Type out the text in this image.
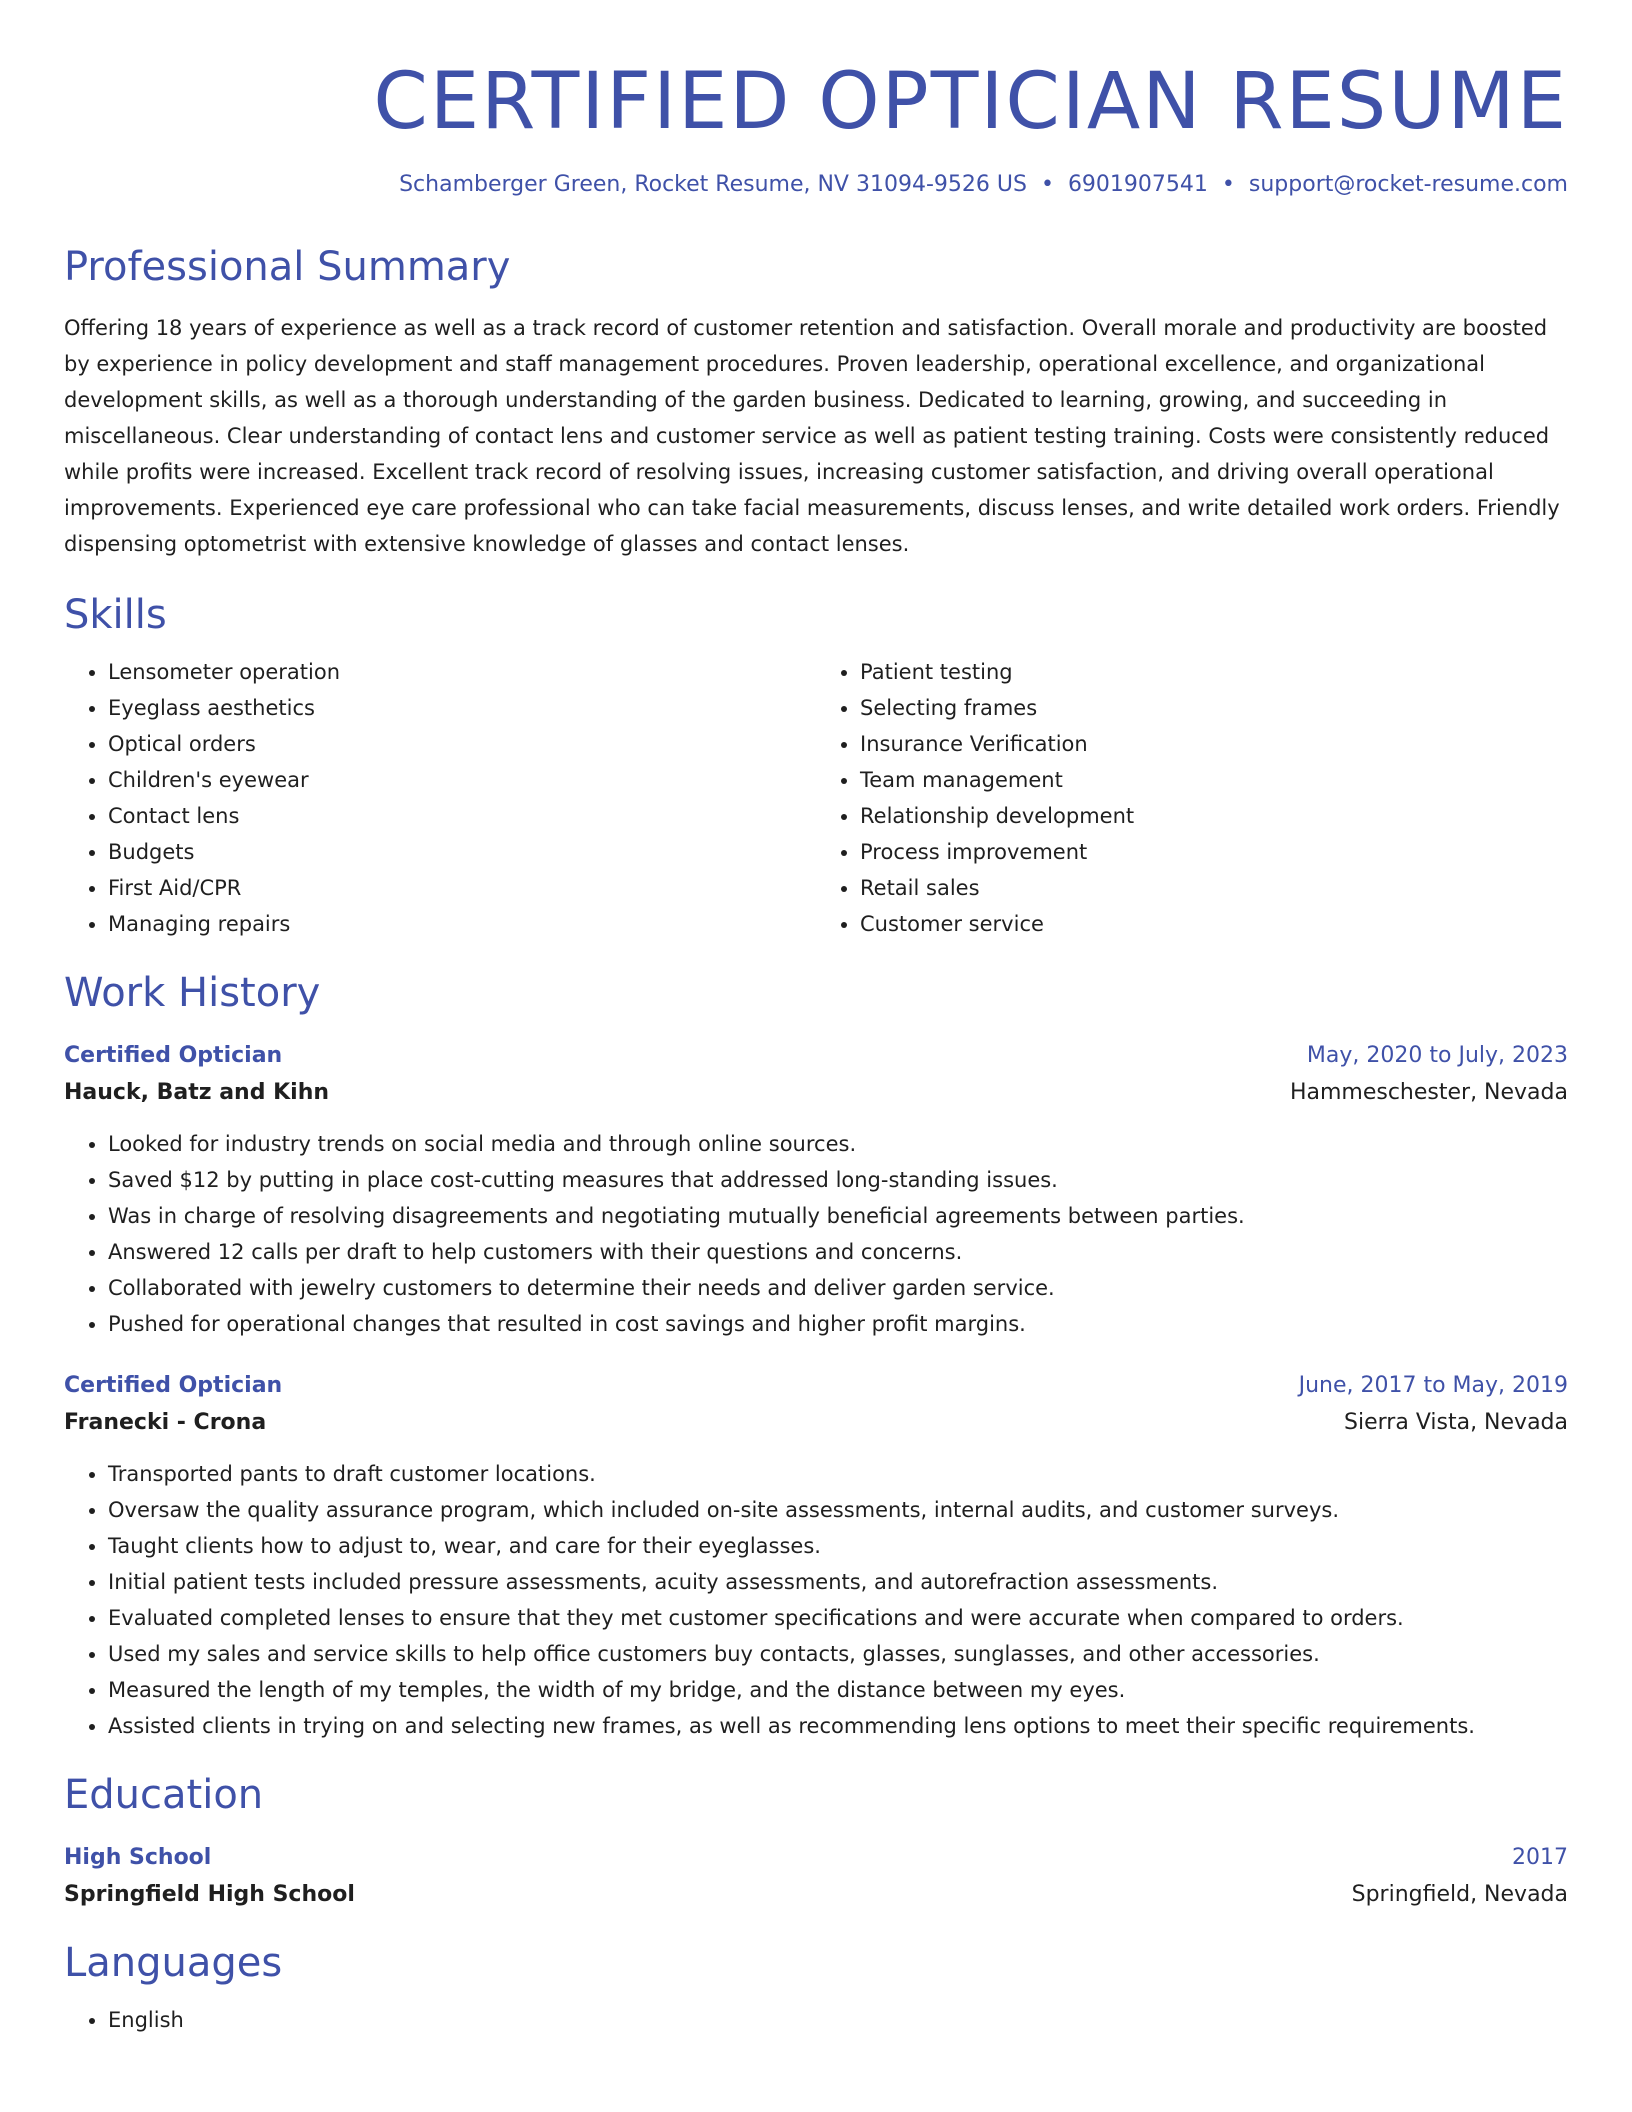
CERTIFIED OPTICIAN RESUME
Schamberger Green, Rocket Resume, NV 31094-9526 US • 6901907541 • support@rocket-resume.com
Professional Summary

Offering 18 years of experience as well as a track record of customer retention and satisfaction. Overall morale and productivity are boosted by experience in policy development and staff management procedures. Proven leadership, operational excellence, and organizational development skills, as well as a thorough understanding of the garden business. Dedicated to learning, growing, and succeeding in miscellaneous. Clear understanding of contact lens and customer service as well as patient testing training. Costs were consistently reduced while profits were increased. Excellent track record of resolving issues, increasing customer satisfaction, and driving overall operational improvements. Experienced eye care professional who can take facial measurements, discuss lenses, and write detailed work orders. Friendly dispensing optometrist with extensive knowledge of glasses and contact lenses.

Skills
• Lensometer operation
• Eyeglass aesthetics
• Optical orders
• Children's eyewear
• Contact lens
• Budgets
• First Aid/CPR
• Managing repairs
• Patient testing
• Selecting frames
• Insurance Verification
• Team management
• Relationship development
• Process improvement
• Retail sales
• Customer service
Work History
Certified Optician	May, 2020 to July, 2023
Hauck, Batz and Kihn	Hammeschester, Nevada
• Looked for industry trends on social media and through online sources.
• Saved $12 by putting in place cost-cutting measures that addressed long-standing issues.
• Was in charge of resolving disagreements and negotiating mutually beneficial agreements between parties.
• Answered 12 calls per draft to help customers with their questions and concerns.
• Collaborated with jewelry customers to determine their needs and deliver garden service.
• Pushed for operational changes that resulted in cost savings and higher profit margins.
Certified Optician	June, 2017 to May, 2019
Franecki - Crona	Sierra Vista, Nevada
• Transported pants to draft customer locations.
• Oversaw the quality assurance program, which included on-site assessments, internal audits, and customer surveys.
• Taught clients how to adjust to, wear, and care for their eyeglasses.
• Initial patient tests included pressure assessments, acuity assessments, and autorefraction assessments.
• Evaluated completed lenses to ensure that they met customer specifications and were accurate when compared to orders.
• Used my sales and service skills to help office customers buy contacts, glasses, sunglasses, and other accessories.
• Measured the length of my temples, the width of my bridge, and the distance between my eyes.
• Assisted clients in trying on and selecting new frames, as well as recommending lens options to meet their specific requirements.
Education
High School	2017
Springfield High School	Springfield, Nevada
Languages
• English
